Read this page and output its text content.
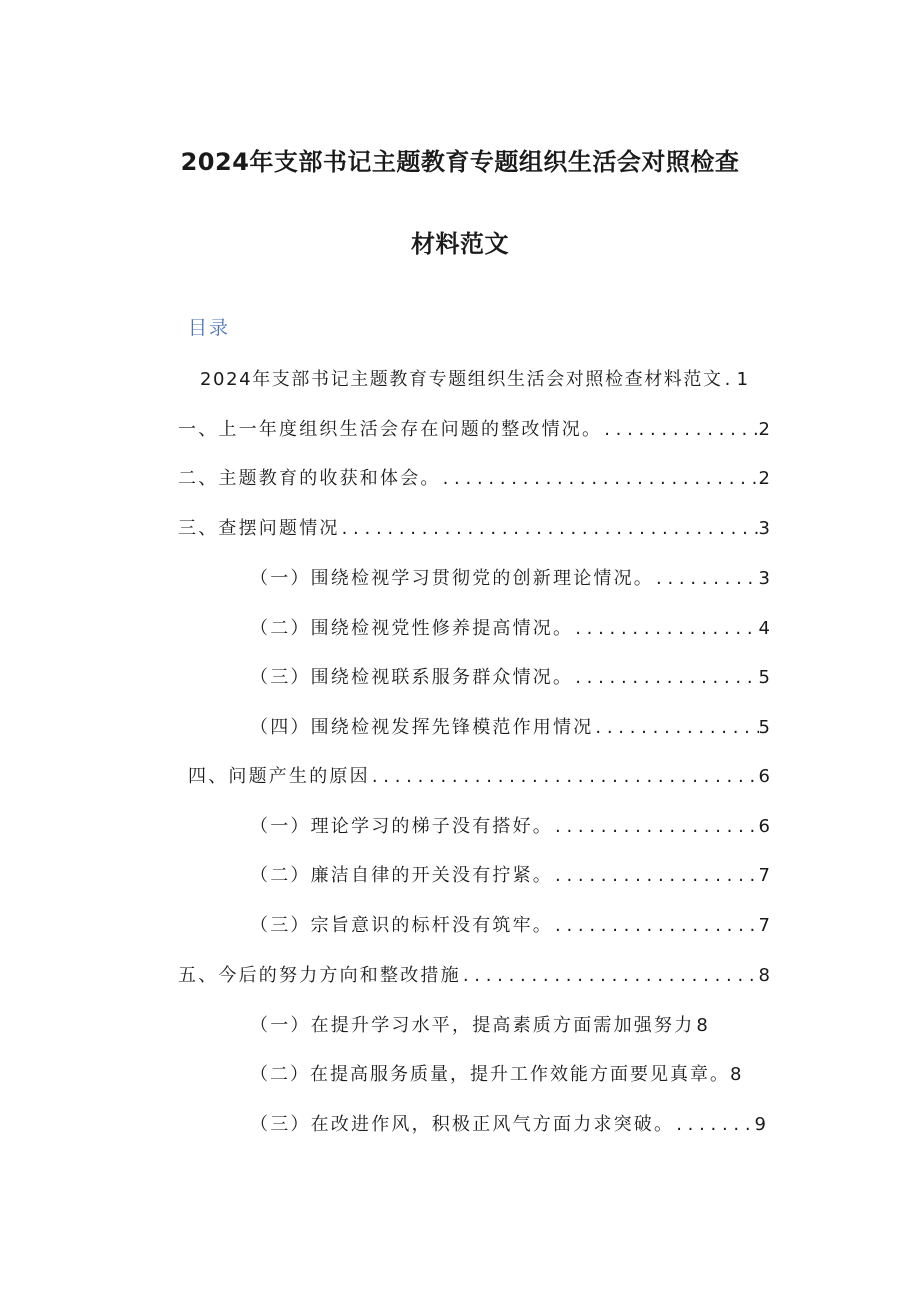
2024年支部书记主题教育专题组织生活会对照检查
材料范文
目录
2024年支部书记主题教育专题组织生活会对照检查材料范文 . . . 1
一、上一年度组织生活会存在问题的整改情况。 . . .	2
二、主题教育的收获和体会。 . . .	2
三、查摆问题情况 . . .	3
（一）围绕检视学习贯彻党的创新理论情况。 . . .	3
（二）围绕检视党性修养提高情况。 . . .	4
（三）围绕检视联系服务群众情况。 . . .	5
（四）围绕检视发挥先锋模范作用情况 . . .	5
四、问题产生的原因 . . .	6
（一）理论学习的梯子没有搭好。 . . .	6
（二）廉洁自律的开关没有拧紧。 . . .	7
（三）宗旨意识的标杆没有筑牢。 . . .	7
五、今后的努力方向和整改措施 . . .	8
（一）在提升学习水平，提高素质方面需加强努力 8
（二）在提高服务质量，提升工作效能方面要见真章。 8
（三）在改进作风，积极正风气方面力求突破。 . . .	9
